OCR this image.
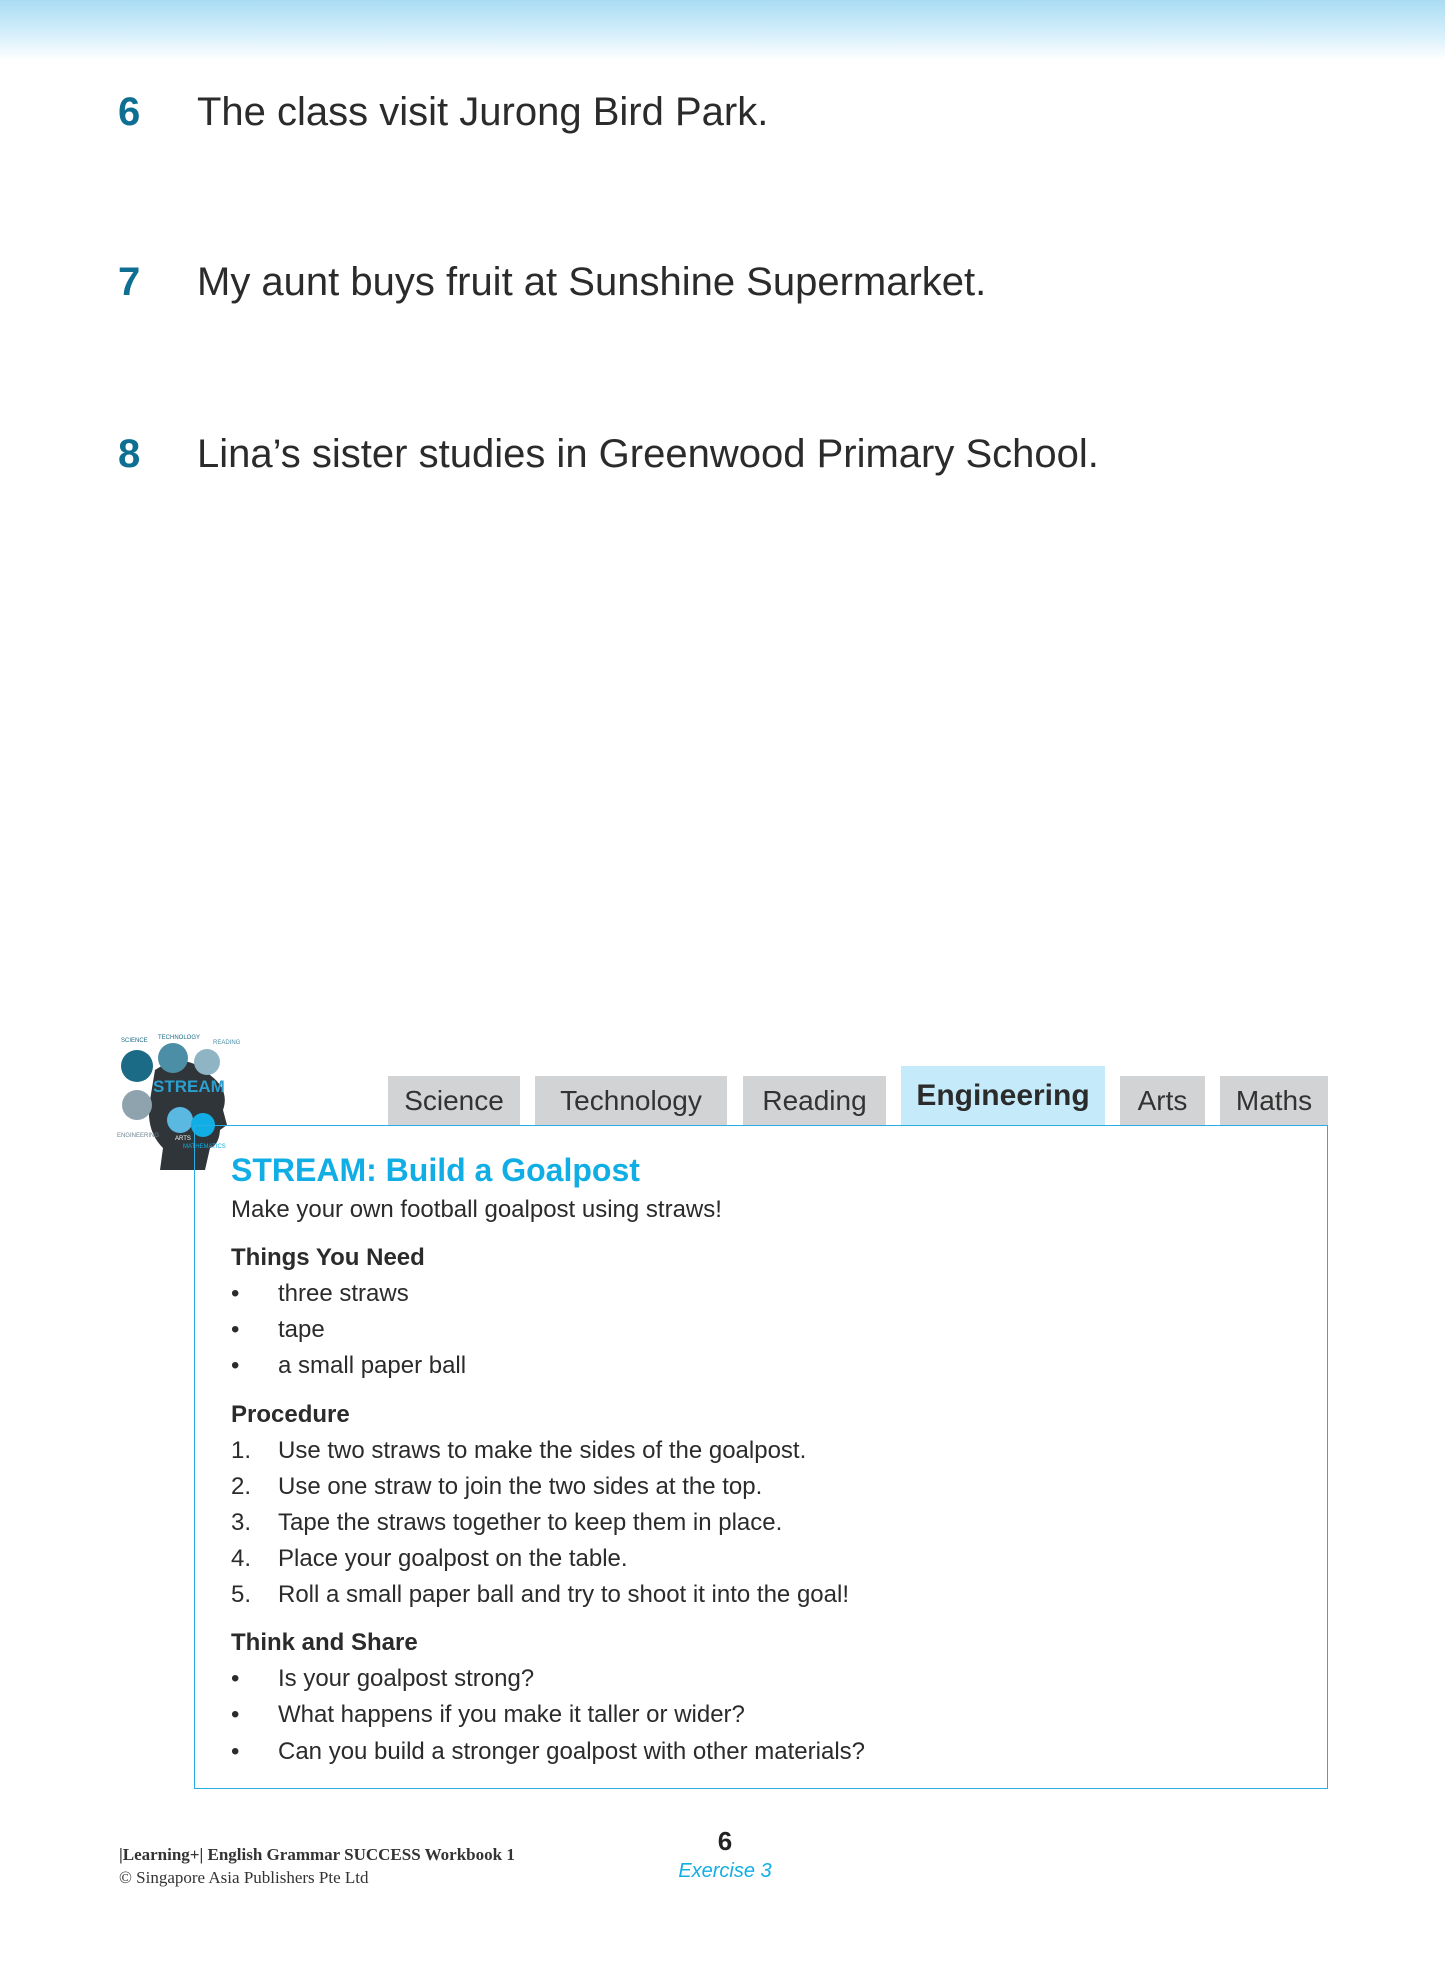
6 The class visit Jurong Bird Park.
7 My aunt buys fruit at Sunshine Supermarket.
8 Lina’s sister studies in Greenwood Primary School.
STREAM
SCIENCE TECHNOLOGY
READING
ENGINEERING	ARTS
MATHEMATICS
Science	Technology	Reading	Engineering	Arts	Maths
STREAM: Build a Goalpost
Make your own football goalpost using straws!
Things You Need
• three straws
• tape
• a small paper ball
Procedure
1. Use two straws to make the sides of the goalpost.
2. Use one straw to join the two sides at the top.
3. Tape the straws together to keep them in place.
4. Place your goalpost on the table.
5. Roll a small paper ball and try to shoot it into the goal!
Think and Share
• Is your goalpost strong?
• What happens if you make it taller or wider?
• Can you build a stronger goalpost with other materials?
|Learning+| English Grammar SUCCESS Workbook 1
© Singapore Asia Publishers Pte Ltd
6
Exercise 3
